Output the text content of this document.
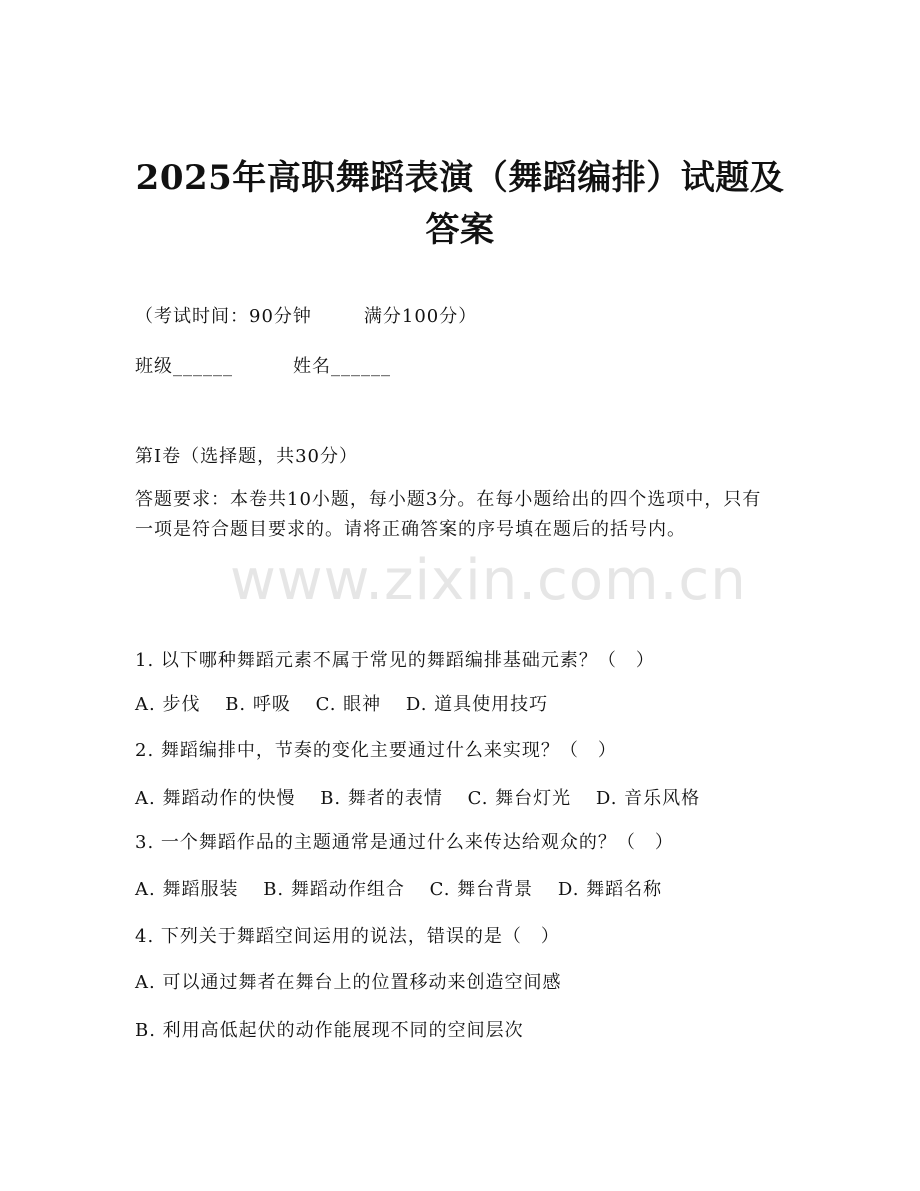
www.zixin.com.cn
2025年高职舞蹈表演（舞蹈编排）试题及答案
（考试时间：90分钟	满分100分）
班级______	姓名______
第I卷（选择题，共30分）
答题要求：本卷共10小题，每小题3分。在每小题给出的四个选项中，只有一项是符合题目要求的。请将正确答案的序号填在题后的括号内。
1. 以下哪种舞蹈元素不属于常见的舞蹈编排基础元素？（　）
A. 步伐 B. 呼吸 C. 眼神 D. 道具使用技巧
2. 舞蹈编排中，节奏的变化主要通过什么来实现？（　）
A. 舞蹈动作的快慢 B. 舞者的表情 C. 舞台灯光 D. 音乐风格
3. 一个舞蹈作品的主题通常是通过什么来传达给观众的？（　）
A. 舞蹈服装 B. 舞蹈动作组合 C. 舞台背景 D. 舞蹈名称
4. 下列关于舞蹈空间运用的说法，错误的是（　）
A. 可以通过舞者在舞台上的位置移动来创造空间感
B. 利用高低起伏的动作能展现不同的空间层次
